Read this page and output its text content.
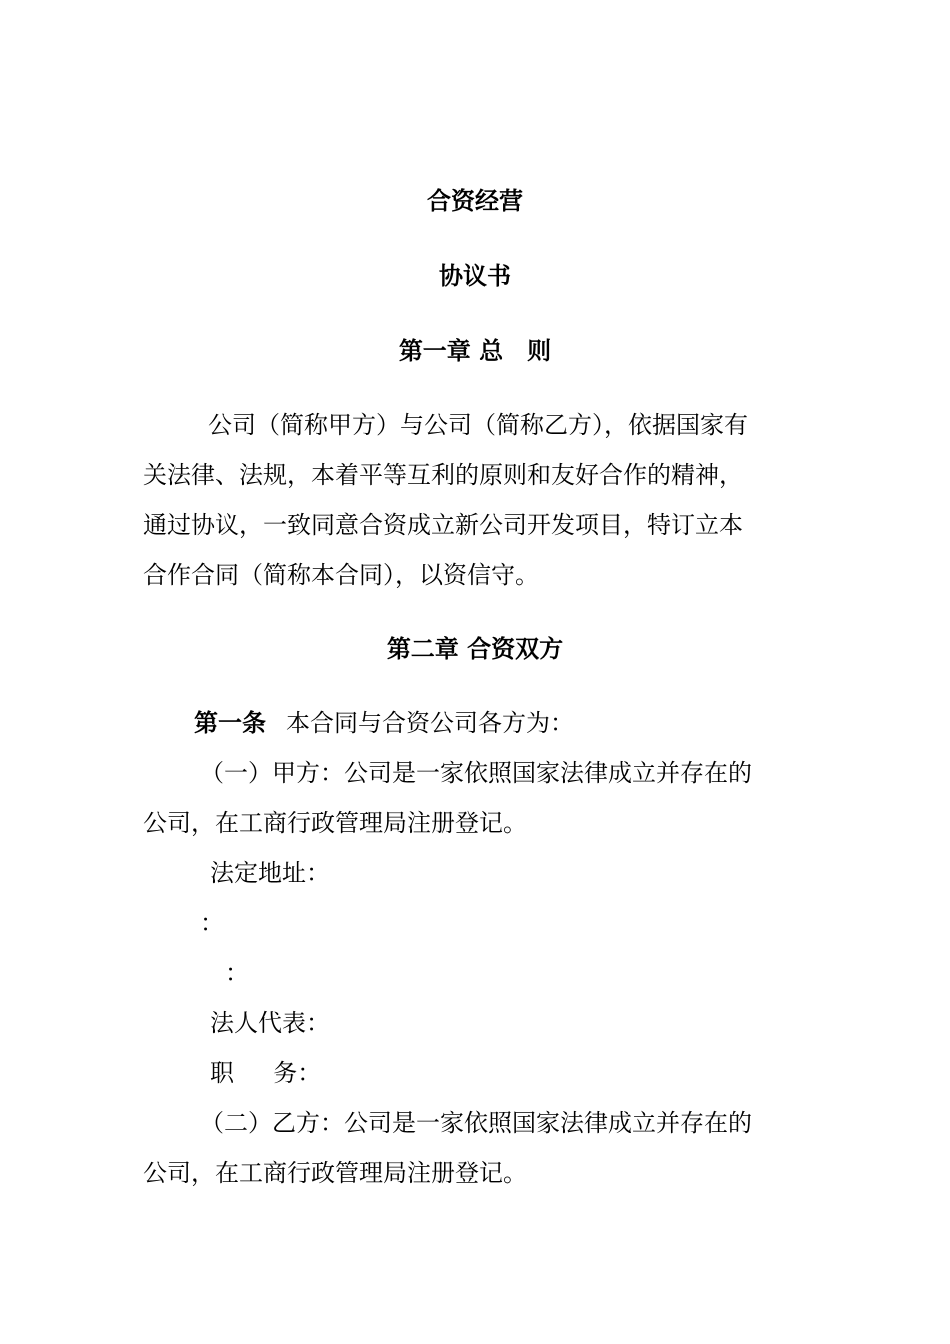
合资经营
协议书
第一章 总　则
公司（简称甲方）与公司（简称乙方），依据国家有
关法律、法规，本着平等互利的原则和友好合作的精神，
通过协议，一致同意合资成立新公司开发项目，特订立本
合作合同（简称本合同），以资信守。
第二章 合资双方
第一条 本合同与合资公司各方为：
（一）甲方：公司是一家依照国家法律成立并存在的
公司，在工商行政管理局注册登记。
法定地址：
：
：
法人代表：
职　  务：
（二）乙方：公司是一家依照国家法律成立并存在的
公司，在工商行政管理局注册登记。
